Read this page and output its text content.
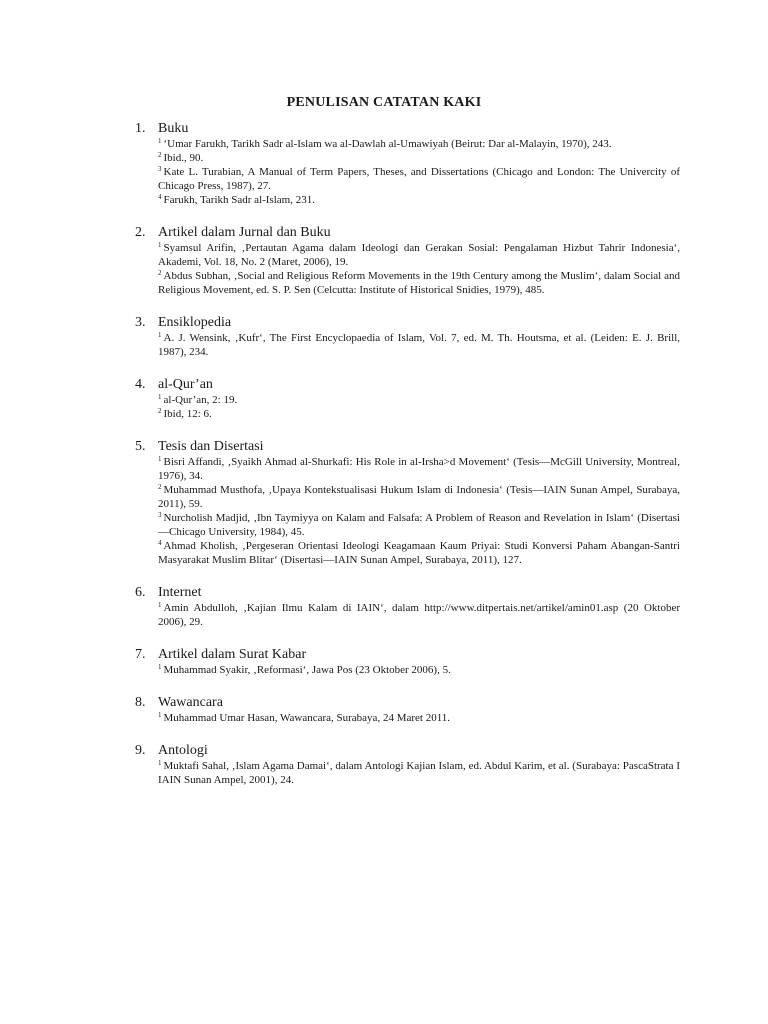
PENULISAN CATATAN KAKI
1. Buku

$^1$ ‘Umar Farukh, Tarikh Sadr al-Islam wa al-Dawlah al-Umawiyah (Beirut: Dar al-Malayin, 1970), 243.

$^2$ Ibid., 90.

$^3$ Kate L. Turabian, A Manual of Term Papers, Theses, and Dissertations (Chicago and London: The Univercity of Chicago Press, 1987), 27.

$^4$ Farukh, Tarikh Sadr al-Islam, 231.

2. Artikel dalam Jurnal dan Buku

$^1$ Syamsul Arifin, ‚Pertautan Agama dalam Ideologi dan Gerakan Sosial: Pengalaman Hizbut Tahrir Indonesia‘, Akademi, Vol. 18, No. 2 (Maret, 2006), 19.

$^2$ Abdus Subhan, ‚Social and Religious Reform Movements in the 19th Century among the Muslim‘, dalam Social and Religious Movement, ed. S. P. Sen (Celcutta: Institute of Historical Snidies, 1979), 485.

3. Ensiklopedia

$^1$ A. J. Wensink, ‚Kufr‘, The First Encyclopaedia of Islam, Vol. 7, ed. M. Th. Houtsma, et al. (Leiden: E. J. Brill, 1987), 234.

4. al-Qur’an

$^1$ al-Qur’an, 2: 19.

$^2$ Ibid, 12: 6.

5. Tesis dan Disertasi

$^1$ Bisri Affandi, ‚Syaikh Ahmad al-Shurkafi: His Role in al-Irsha>d Movement‘ (Tesis—McGill University, Montreal, 1976), 34.

$^2$ Muhammad Musthofa, ‚Upaya Kontekstualisasi Hukum Islam di Indonesia‘ (Tesis—IAIN Sunan Ampel, Surabaya, 2011), 59.

$^3$ Nurcholish Madjid, ‚Ibn Taymiyya on Kalam and Falsafa: A Problem of Reason and Revelation in Islam‘ (Disertasi—Chicago University, 1984), 45.

$^4$ Ahmad Kholish, ‚Pergeseran Orientasi Ideologi Keagamaan Kaum Priyai: Studi Konversi Paham Abangan-Santri Masyarakat Muslim Blitar‘ (Disertasi—IAIN Sunan Ampel, Surabaya, 2011), 127.

6. Internet

$^1$ Amin Abdulloh, ‚Kajian Ilmu Kalam di IAIN‘, dalam http://www.ditpertais.net/artikel/amin01.asp (20 Oktober 2006), 29.

7. Artikel dalam Surat Kabar

$^1$ Muhammad Syakir, ‚Reformasi‘, Jawa Pos (23 Oktober 2006), 5.

8. Wawancara

$^1$ Muhammad Umar Hasan, Wawancara, Surabaya, 24 Maret 2011.

9. Antologi

$^1$ Muktafi Sahal, ‚Islam Agama Damai‘, dalam Antologi Kajian Islam, ed. Abdul Karim, et al. (Surabaya: PascaStrata I IAIN Sunan Ampel, 2001), 24.
